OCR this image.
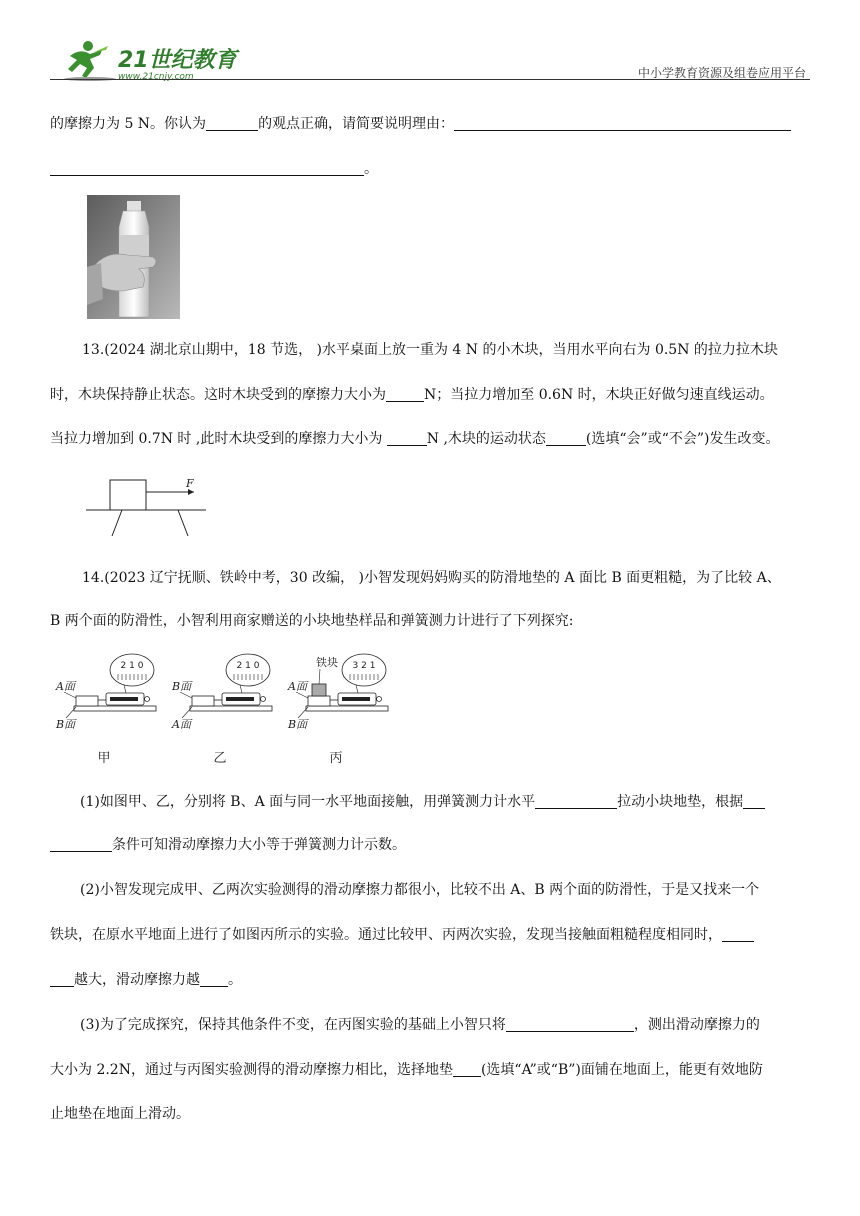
21世纪教育
www.21cnjy.com	中小学教育资源及组卷应用平台
的摩擦力为 5 N。你认为	的观点正确，请简要说明理由：
。
13.(2024 湖北京山期中，18 节选， )水平桌面上放一重为 4 N 的小木块，当用水平向右为 0.5N 的拉力拉木块
时，木块保持静止状态。这时木块受到的摩擦力大小为	N；当拉力增加至 0.6N 时，木块正好做匀速直线运动。
当拉力增加到 0.7N 时 ,此时木块受到的摩擦力大小为	N ,木块的运动状态	(选填“会”或“不会”)发生改变。
F
14.(2023 辽宁抚顺、铁岭中考，30 改编， )小智发现妈妈购买的防滑地垫的 A 面比 B 面更粗糙，为了比较 A、
B 两个面的防滑性，小智利用商家赠送的小块地垫样品和弹簧测力计进行了下列探究:
2 1 0
A面
B面
甲
2 1 0
B面
A面
乙
3 2 1
铁块
A面
B面
丙
(1)如图甲、乙，分别将 B、A 面与同一水平地面接触，用弹簧测力计水平	拉动小块地垫，根据
条件可知滑动摩擦力大小等于弹簧测力计示数。
(2)小智发现完成甲、乙两次实验测得的滑动摩擦力都很小，比较不出 A、B 两个面的防滑性，于是又找来一个
铁块，在原水平地面上进行了如图丙所示的实验。通过比较甲、丙两次实验，发现当接触面粗糙程度相同时，
越大，滑动摩擦力越 。
(3)为了完成探究，保持其他条件不变，在丙图实验的基础上小智只将	，测出滑动摩擦力的
大小为 2.2N，通过与丙图实验测得的滑动摩擦力相比，选择地垫 (选填“A”或“B”)面铺在地面上，能更有效地防
止地垫在地面上滑动。
